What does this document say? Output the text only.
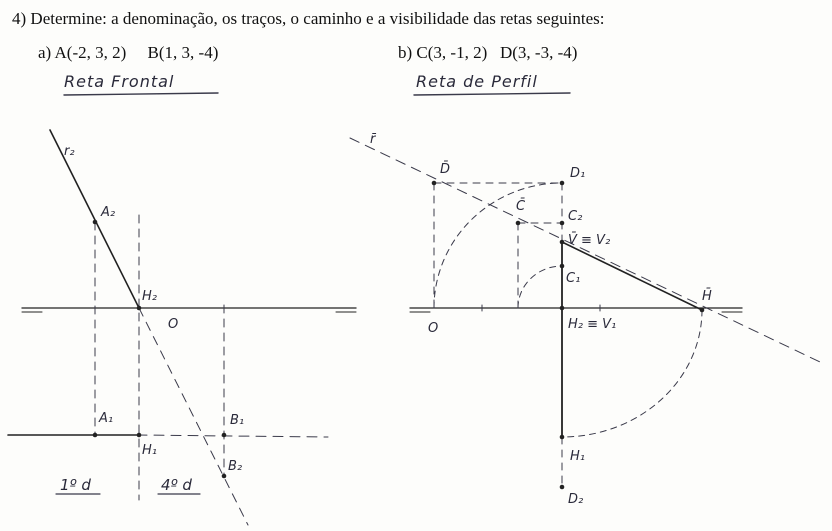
4) Determine: a denominação, os traços, o caminho e a visibilidade das retas seguintes:
a) A(-2, 3, 2)     B(1, 3, -4)	b) C(3, -1, 2)   D(3, -3, -4)
Reta Frontal	Reta de Perfil
r₂
A₂
H₂
O
A₁
H₁
B₁
B₂
1º d	4º d
r̄
D̄	D₁
C̄
C₂
V̄ ≡ V₂
C₁
H̄
O	H₂ ≡ V₁
H₁
D₂
